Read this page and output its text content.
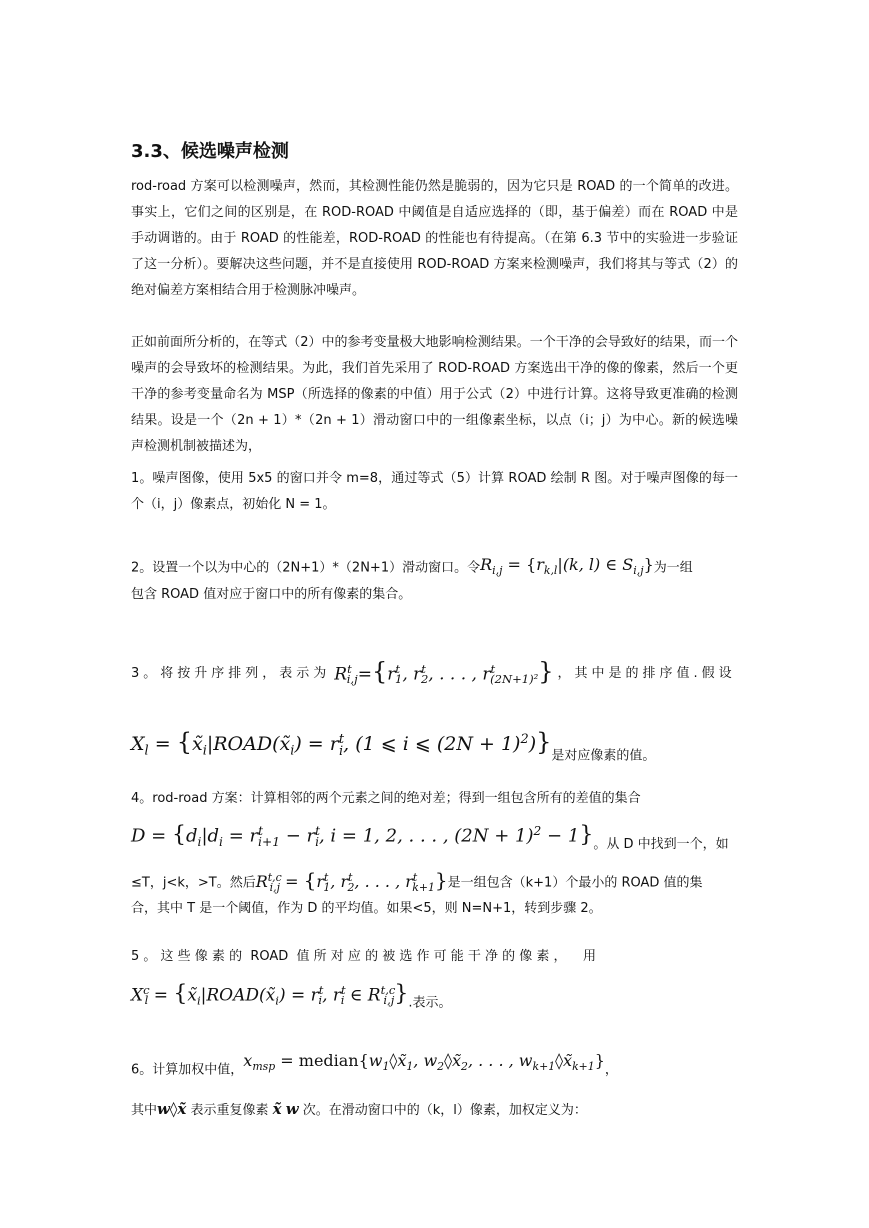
3.3、候选噪声检测
rod-road 方案可以检测噪声，然而，其检测性能仍然是脆弱的，因为它只是 ROAD 的一个简单的改进。事实上，它们之间的区别是，在 ROD-ROAD 中阈值是自适应选择的（即，基于偏差）而在 ROAD 中是手动调谐的。由于 ROAD 的性能差，ROD-ROAD 的性能也有待提高。（在第 6.3 节中的实验进一步验证了这一分析）。要解决这些问题，并不是直接使用 ROD-ROAD 方案来检测噪声，我们将其与等式（2）的绝对偏差方案相结合用于检测脉冲噪声。
正如前面所分析的，在等式（2）中的参考变量极大地影响检测结果。一个干净的会导致好的结果，而一个噪声的会导致坏的检测结果。为此，我们首先采用了 ROD-ROAD 方案选出干净的像的像素，然后一个更干净的参考变量命名为 MSP（所选择的像素的中值）用于公式（2）中进行计算。这将导致更准确的检测结果。设是一个（2n + 1）*（2n + 1）滑动窗口中的一组像素坐标，以点（i；j）为中心。新的候选噪声检测机制被描述为，
1。噪声图像，使用 5x5 的窗口并令 m=8，通过等式（5）计算 ROAD 绘制 R 图。对于噪声图像的每一个（i，j）像素点，初始化 N = 1。
2。设置一个以为中心的（2N+1）*（2N+1）滑动窗口。令$R_{i,j} = \{r_{k,l}|(k$, l) ∈ $S_{i,j}$}为一组
包含 ROAD 值对应于窗口中的所有像素的集合。
3。将按升序排列，表示为 $R^t_{i,j}=\{r^t_1$, $r^t_2$, . . . , $r^t_{(2N+1)^2}$} ，其中是的排序值.假设
$X_l$ = {$x̃_i|ROAD(x̃_i) = r^t_i$, (1 ⩽ i ⩽ $(2N + 1)^2$)}是对应像素的值。
4。rod-road 方案：计算相邻的两个元素之间的绝对差；得到一组包含所有的差值的集合
$D = \{d_i|d_i = r^t_{i+1} - r^t_i$, i = 1, 2, . . . , $(2N + 1)^2 - 1$}。从 D 中找到一个，如
≤T，j<k，>T。然后$R^{t,c}_{i,j} = \{r^t_1$, $r^t_2$, . . . , $r^t_{k+1}$}是一组包含（k+1）个最小的 ROAD 值的集
合，其中 T 是一个阈值，作为 D 的平均值。如果<5，则 N=N+1，转到步骤 2。
5 。 这 些 像 素 的  ROAD  值 所 对 应 的 被 选 作 可 能 干 净 的 像 素 ，    用
$X^c_l$ = {$x̃_i|ROAD(x̃_i) = r^t_i$, $r^t_i$ ∈ R$^{t,c}_{i,j}$}.表示。
6。计算加权中值，$x_{msp}$ = $median\{w_1◊x̃_1$, $w_2◊x̃_2$, . . . , $w_{k+1}◊x̃_{k+1}$}，
其中w◊x̃ 表示重复像素 x̃ w 次。在滑动窗口中的（k，l）像素，加权定义为：
